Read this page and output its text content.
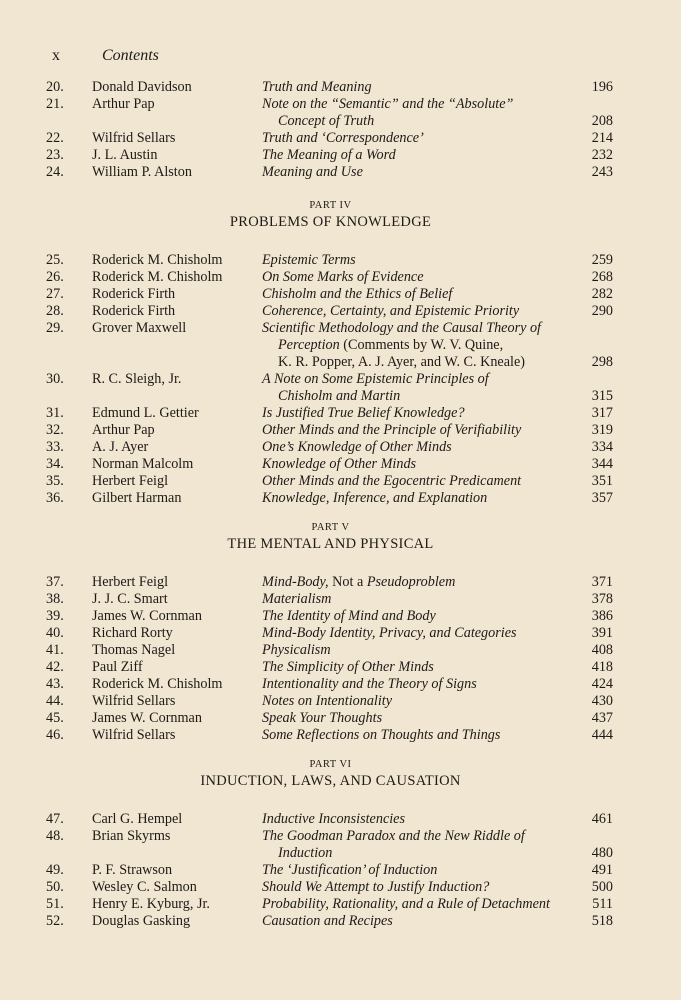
x	Contents
20.	Donald Davidson	Truth and Meaning	196
21.	Arthur Pap	Note on the “Semantic” and the “Absolute”
Concept of Truth	208
22.	Wilfrid Sellars	Truth and ‘Correspondence’	214
23.	J. L. Austin	The Meaning of a Word	232
24.	William P. Alston	Meaning and Use	243
PART IV
PROBLEMS OF KNOWLEDGE
25.	Roderick M. Chisholm	Epistemic Terms	259
26.	Roderick M. Chisholm	On Some Marks of Evidence	268
27.	Roderick Firth	Chisholm and the Ethics of Belief	282
28.	Roderick Firth	Coherence, Certainty, and Epistemic Priority	290
29.	Grover Maxwell	Scientific Methodology and the Causal Theory of
Perception (Comments by W. V. Quine,
K. R. Popper, A. J. Ayer, and W. C. Kneale)	298
30.	R. C. Sleigh, Jr.	A Note on Some Epistemic Principles of
Chisholm and Martin	315
31.	Edmund L. Gettier	Is Justified True Belief Knowledge?	317
32.	Arthur Pap	Other Minds and the Principle of Verifiability	319
33.	A. J. Ayer	One’s Knowledge of Other Minds	334
34.	Norman Malcolm	Knowledge of Other Minds	344
35.	Herbert Feigl	Other Minds and the Egocentric Predicament	351
36.	Gilbert Harman	Knowledge, Inference, and Explanation	357
PART V
THE MENTAL AND PHYSICAL
37.	Herbert Feigl	Mind-Body, Not a Pseudoproblem	371
38.	J. J. C. Smart	Materialism	378
39.	James W. Cornman	The Identity of Mind and Body	386
40.	Richard Rorty	Mind-Body Identity, Privacy, and Categories	391
41.	Thomas Nagel	Physicalism	408
42.	Paul Ziff	The Simplicity of Other Minds	418
43.	Roderick M. Chisholm	Intentionality and the Theory of Signs	424
44.	Wilfrid Sellars	Notes on Intentionality	430
45.	James W. Cornman	Speak Your Thoughts	437
46.	Wilfrid Sellars	Some Reflections on Thoughts and Things	444
PART VI
INDUCTION, LAWS, AND CAUSATION
47.	Carl G. Hempel	Inductive Inconsistencies	461
48.	Brian Skyrms	The Goodman Paradox and the New Riddle of
Induction	480
49.	P. F. Strawson	The ‘Justification’ of Induction	491
50.	Wesley C. Salmon	Should We Attempt to Justify Induction?	500
51.	Henry E. Kyburg, Jr.	Probability, Rationality, and a Rule of Detachment	511
52.	Douglas Gasking	Causation and Recipes	518
